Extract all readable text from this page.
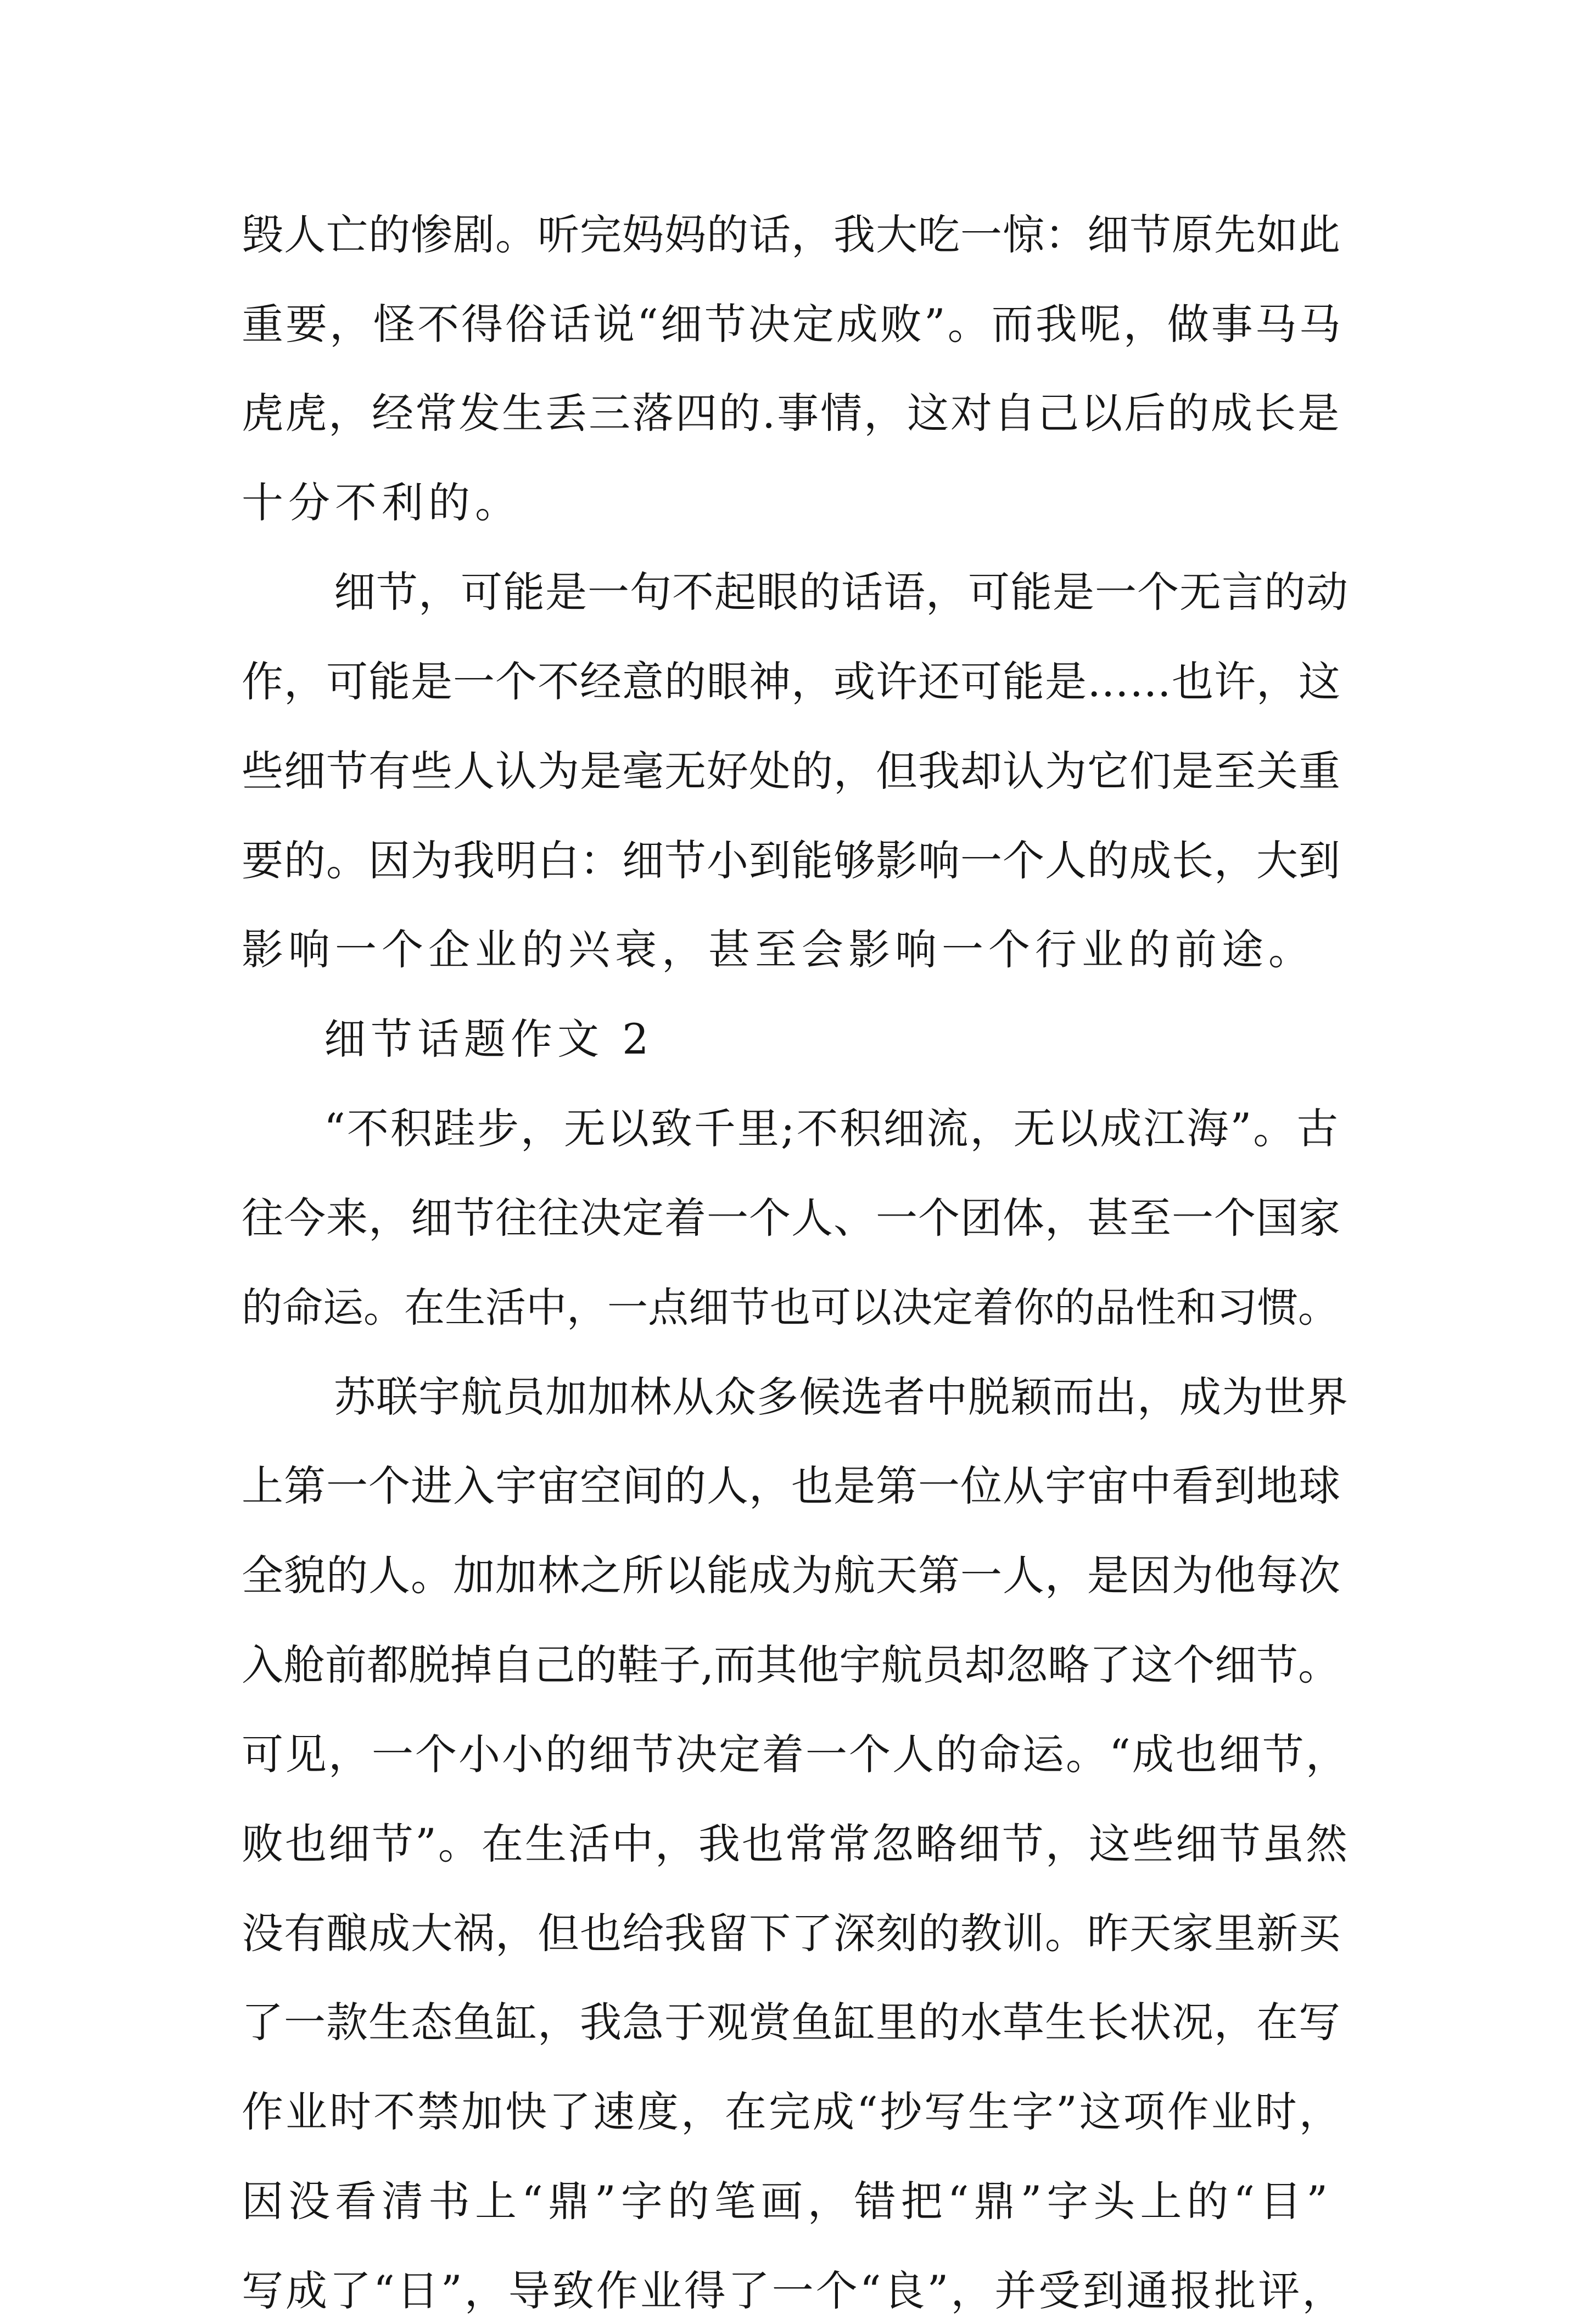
毁人亡的惨剧。听完妈妈的话，我大吃一惊：细节原先如此
重要，怪不得俗话说“细节决定成败”。而我呢，做事马马
虎虎，经常发生丢三落四的.事情，这对自己以后的成长是
十分不利的。
细节，可能是一句不起眼的话语，可能是一个无言的动
作，可能是一个不经意的眼神，或许还可能是……也许，这
些细节有些人认为是毫无好处的，但我却认为它们是至关重
要的。因为我明白：细节小到能够影响一个人的成长，大到
影响一个企业的兴衰，甚至会影响一个行业的前途。
细节话题作文 2
“不积跬步，无以致千里;不积细流，无以成江海”。古
往今来，细节往往决定着一个人、一个团体，甚至一个国家
的命运。在生活中，一点细节也可以决定着你的品性和习惯。
苏联宇航员加加林从众多候选者中脱颖而出，成为世界
上第一个进入宇宙空间的人，也是第一位从宇宙中看到地球
全貌的人。加加林之所以能成为航天第一人，是因为他每次
入舱前都脱掉自己的鞋子,而其他宇航员却忽略了这个细节。
可见，一个小小的细节决定着一个人的命运。“成也细节，
败也细节”。在生活中，我也常常忽略细节，这些细节虽然
没有酿成大祸，但也给我留下了深刻的教训。昨天家里新买
了一款生态鱼缸，我急于观赏鱼缸里的水草生长状况，在写
作业时不禁加快了速度，在完成“抄写生字”这项作业时，
因没看清书上“鼎”字的笔画，错把“鼎”字头上的“目”
写成了“日”，导致作业得了一个“良”，并受到通报批评，
